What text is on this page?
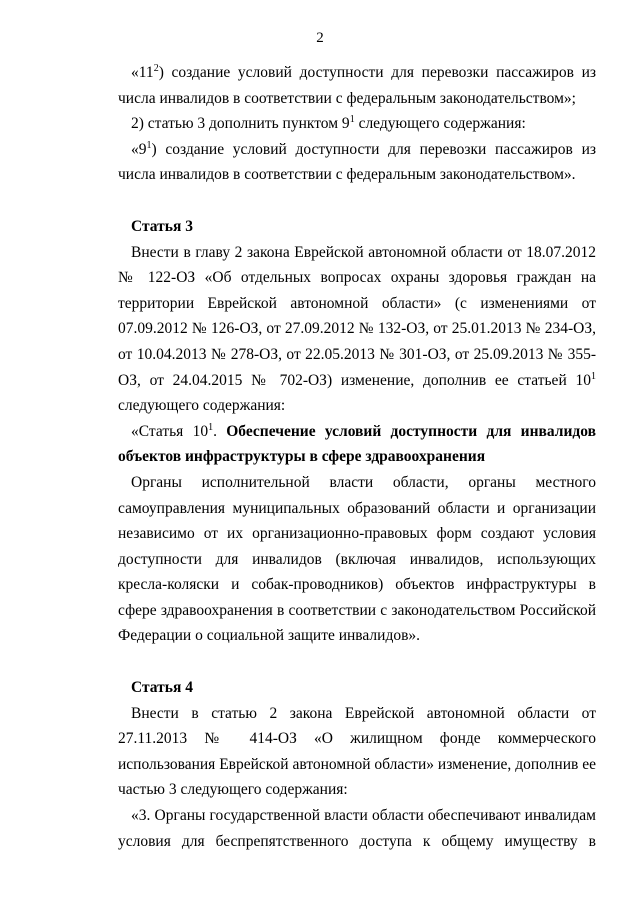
2

«$11^2$) создание условий доступности для перевозки пассажиров из числа инвалидов в соответствии с федеральным законодательством»;

2) статью 3 дополнить пунктом $9^1$ следующего содержания:

«$9^1$) создание условий доступности для перевозки пассажиров из числа инвалидов в соответствии с федеральным законодательством».

Статья 3

Внести в главу 2 закона Еврейской автономной области от 18.07.2012 № 122-ОЗ «Об отдельных вопросах охраны здоровья граждан на территории Еврейской автономной области» (с изменениями от 07.09.2012 № 126-ОЗ, от 27.09.2012 № 132-ОЗ, от 25.01.2013 № 234-ОЗ, от 10.04.2013 № 278-ОЗ, от 22.05.2013 № 301-ОЗ, от 25.09.2013 № 355-ОЗ, от 24.04.2015 № 702-ОЗ) изменение, дополнив ее статьей $10^1$ следующего содержания:

«Статья $10^1$. Обеспечение условий доступности для инвалидов объектов инфраструктуры в сфере здравоохранения

Органы исполнительной власти области, органы местного самоуправления муниципальных образований области и организации независимо от их организационно-правовых форм создают условия доступности для инвалидов (включая инвалидов, использующих кресла-коляски и собак-проводников) объектов инфраструктуры в сфере здравоохранения в соответствии с законодательством Российской Федерации о социальной защите инвалидов».

Статья 4

Внести в статью 2 закона Еврейской автономной области от 27.11.2013 № 414-ОЗ «О жилищном фонде коммерческого использования Еврейской автономной области» изменение, дополнив ее частью 3 следующего содержания:

«3. Органы государственной власти области обеспечивают инвалидам условия для беспрепятственного доступа к общему имуществу в
